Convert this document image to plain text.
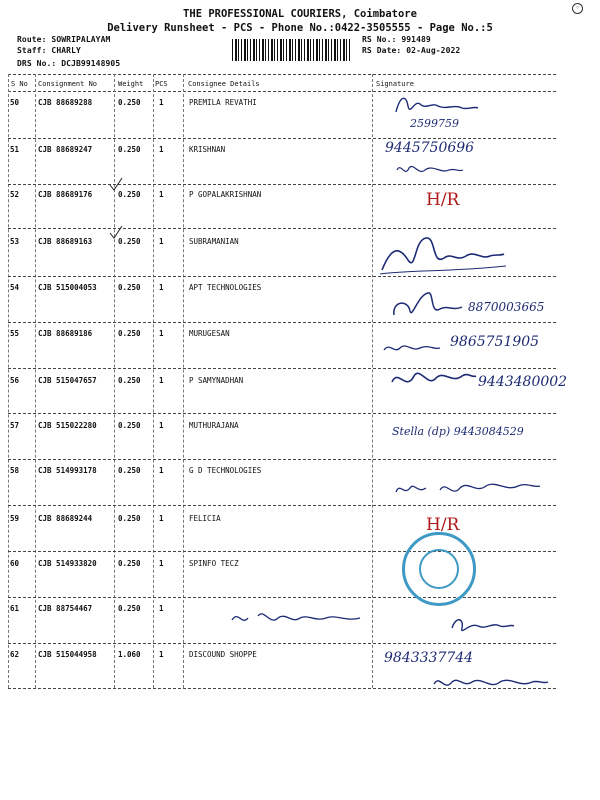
◦
THE PROFESSIONAL COURIERS, Coimbatore
Delivery Runsheet - PCS - Phone No.:0422-3505555 - Page No.:5
Route: SOWRIPALAYAM
Staff: CHARLY
DRS No.: DCJB99148905
RS No.: 991489
RS Date: 02-Aug-2022
S No Consignment No	Weight PCS	Consignee Details	Signature
50	CJB 88689288	0.250 1	PREMILA REVATHI
51	CJB 88689247	0.250 1	KRISHNAN
52	CJB 88689176	0.250 1	P GOPALAKRISHNAN
53	CJB 88689163	0.250 1	SUBRAMANIAN
54	CJB 515004053	0.250 1	APT TECHNOLOGIES
55	CJB 88689186	0.250 1	MURUGESAN
56	CJB 515047657	0.250 1	P SAMYNADHAN
57	CJB 515022280	0.250 1	MUTHURAJANA
58	CJB 514993178	0.250 1	G D TECHNOLOGIES
59	CJB 88689244	0.250 1	FELICIA
60	CJB 514933820	0.250 1	SPINFO TECZ
61	CJB 88754467	0.250 1
62	CJB 515044958	1.060 1	DISCOUND SHOPPE
2599759
9445750696
H/R
8870003665
9865751905
9443480002
Stella (dp) 9443084529
H/R
9843337744
